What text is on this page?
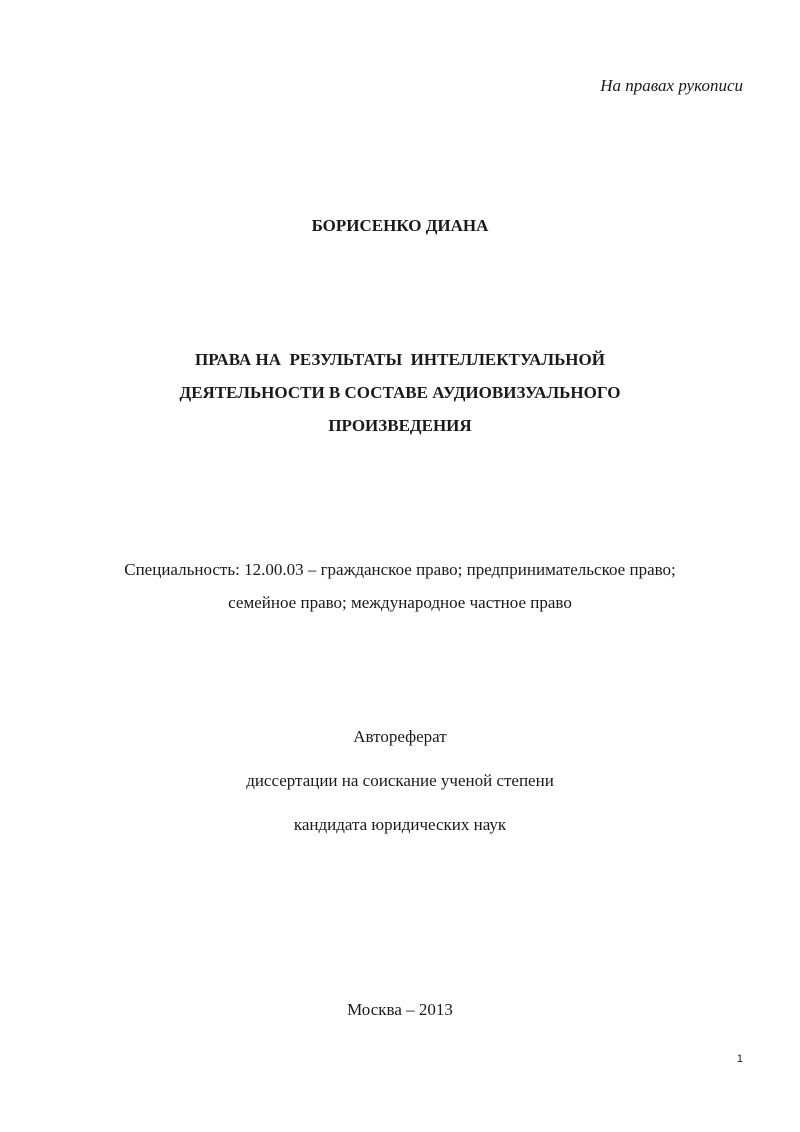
На правах рукописи
БОРИСЕНКО ДИАНА
ПРАВА НА  РЕЗУЛЬТАТЫ  ИНТЕЛЛЕКТУАЛЬНОЙ
ДЕЯТЕЛЬНОСТИ В СОСТАВЕ АУДИОВИЗУАЛЬНОГО
ПРОИЗВЕДЕНИЯ
Специальность: 12.00.03 – гражданское право; предпринимательское право;
семейное право; международное частное право
Автореферат
диссертации на соискание ученой степени
кандидата юридических наук
Москва – 2013
1
